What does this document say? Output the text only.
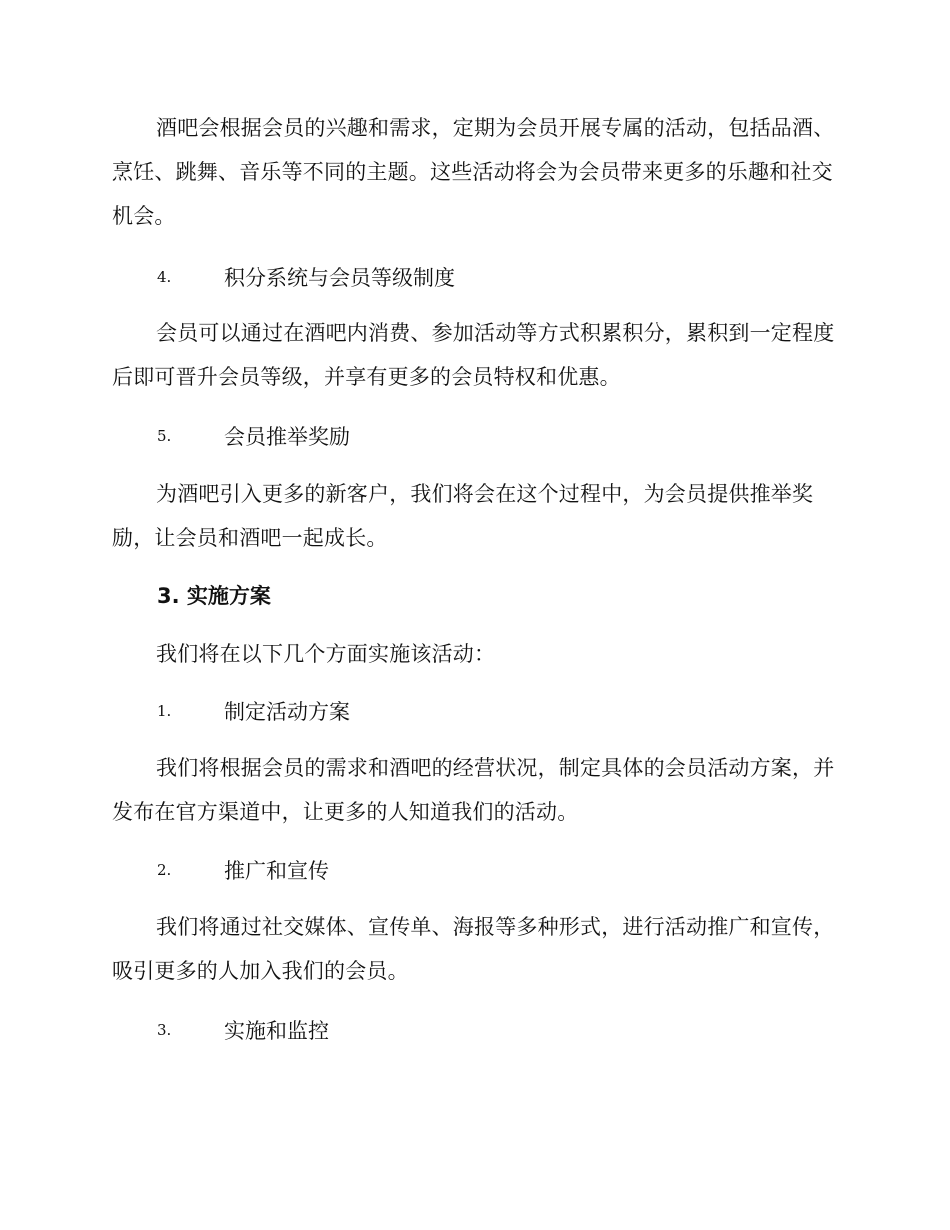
酒吧会根据会员的兴趣和需求，定期为会员开展专属的活动，包括品酒、烹饪、跳舞、音乐等不同的主题。这些活动将会为会员带来更多的乐趣和社交机会。

4.	积分系统与会员等级制度

会员可以通过在酒吧内消费、参加活动等方式积累积分，累积到一定程度后即可晋升会员等级，并享有更多的会员特权和优惠。

5.	会员推举奖励

为酒吧引入更多的新客户，我们将会在这个过程中，为会员提供推举奖励，让会员和酒吧一起成长。

3. 实施方案

我们将在以下几个方面实施该活动：

1.	制定活动方案

我们将根据会员的需求和酒吧的经营状况，制定具体的会员活动方案，并发布在官方渠道中，让更多的人知道我们的活动。

2.	推广和宣传

我们将通过社交媒体、宣传单、海报等多种形式，进行活动推广和宣传，吸引更多的人加入我们的会员。

3.	实施和监控
